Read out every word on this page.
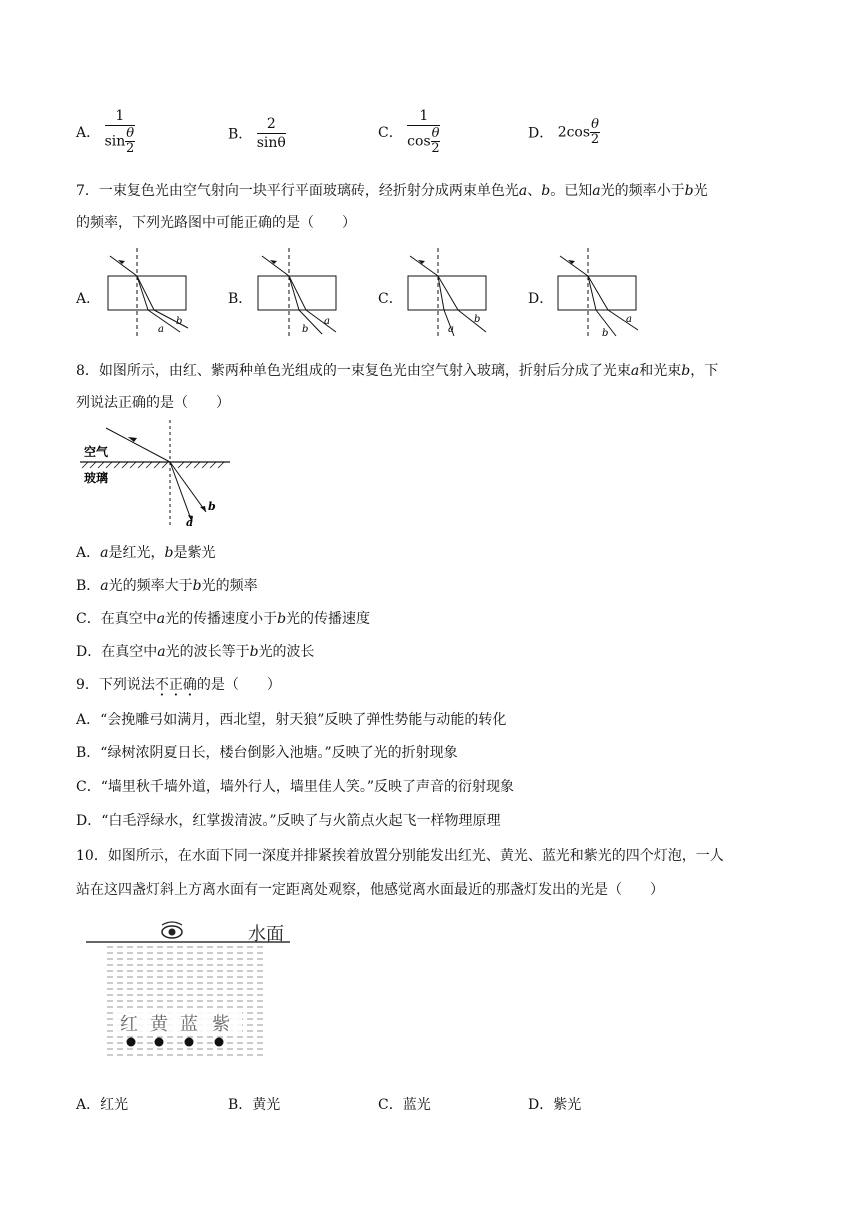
A． $\frac{1}{\sin \frac{\theta}{2}}$	B． $\frac{2}{\sin\theta}$	C． $\frac{1}{\cos \frac{\theta}{2}}$	D． $2\cos \frac{\theta}{2}$
7．一束复色光由空气射向一块平行平面玻璃砖，经折射分成两束单色光a、b。已知a光的频率小于b光
的频率，下列光路图中可能正确的是（　　）
A．	B．	C．	D．
a
b
b
a
a
b
b
a
8．如图所示，由红、紫两种单色光组成的一束复色光由空气射入玻璃，折射后分成了光束a和光束b，下
列说法正确的是（　　）
空气
玻璃
a
b
A．a是红光，b是紫光
B．a光的频率大于b光的频率
C．在真空中a光的传播速度小于b光的传播速度
D．在真空中a光的波长等于b光的波长
9．下列说法不正确的是（　　）
A．“会挽雕弓如满月，西北望，射天狼”反映了弹性势能与动能的转化
B．“绿树浓阴夏日长，楼台倒影入池塘。”反映了光的折射现象
C．“墙里秋千墙外道，墙外行人，墙里佳人笑。”反映了声音的衍射现象
D．“白毛浮绿水，红掌拨清波。”反映了与火箭点火起飞一样物理原理
10．如图所示，在水面下同一深度并排紧挨着放置分别能发出红光、黄光、蓝光和紫光的四个灯泡，一人
站在这四盏灯斜上方离水面有一定距离处观察，他感觉离水面最近的那盏灯发出的光是（　　）
水面
红 黄 蓝 紫
A．红光	B．黄光	C．蓝光	D．紫光
